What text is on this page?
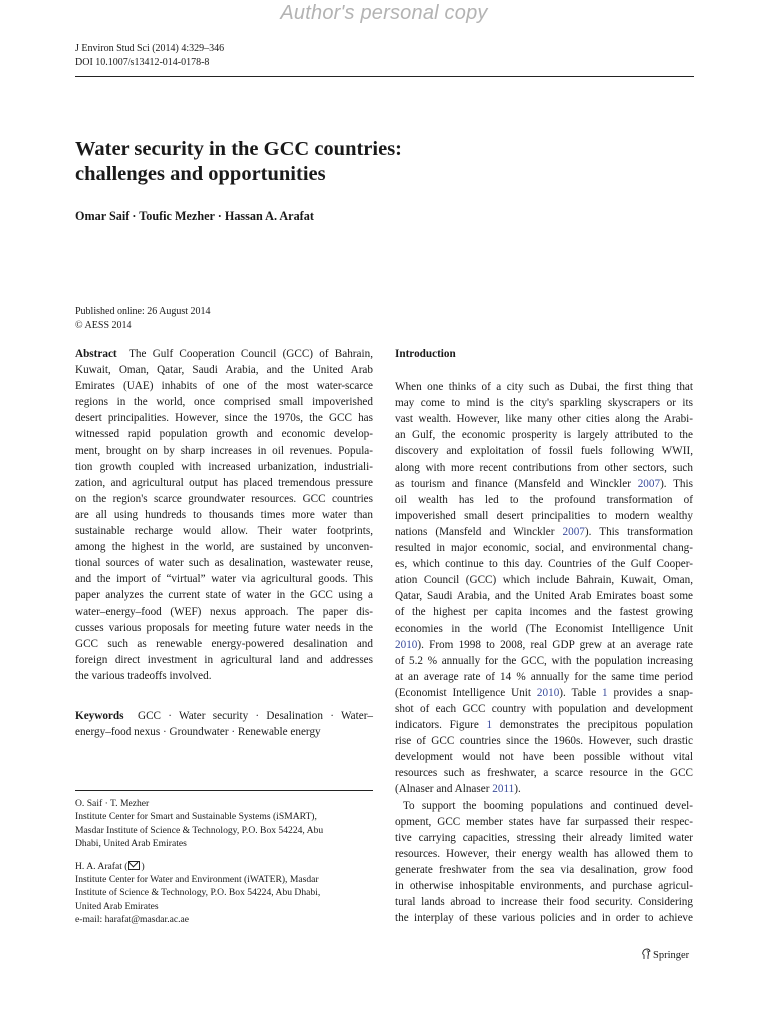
Author's personal copy
J Environ Stud Sci (2014) 4:329–346
DOI 10.1007/s13412-014-0178-8
Water security in the GCC countries:
challenges and opportunities
Omar Saif · Toufic Mezher · Hassan A. Arafat
Published online: 26 August 2014
© AESS 2014
Abstract The Gulf Cooperation Council (GCC) of Bahrain,
Kuwait, Oman, Qatar, Saudi Arabia, and the United Arab
Emirates (UAE) inhabits of one of the most water-scarce
regions in the world, once comprised small impoverished
desert principalities. However, since the 1970s, the GCC has
witnessed rapid population growth and economic develop-
ment, brought on by sharp increases in oil revenues. Popula-
tion growth coupled with increased urbanization, industriali-
zation, and agricultural output has placed tremendous pressure
on the region's scarce groundwater resources. GCC countries
are all using hundreds to thousands times more water than
sustainable recharge would allow. Their water footprints,
among the highest in the world, are sustained by unconven-
tional sources of water such as desalination, wastewater reuse,
and the import of “virtual” water via agricultural goods. This
paper analyzes the current state of water in the GCC using a
water–energy–food (WEF) nexus approach. The paper dis-
cusses various proposals for meeting future water needs in the
GCC such as renewable energy-powered desalination and
foreign direct investment in agricultural land and addresses
the various tradeoffs involved.
Keywords GCC · Water security · Desalination · Water–
energy–food nexus · Groundwater · Renewable energy
O. Saif · T. Mezher
Institute Center for Smart and Sustainable Systems (iSMART),
Masdar Institute of Science & Technology, P.O. Box 54224, Abu
Dhabi, United Arab Emirates
H. A. Arafat ( )
Institute Center for Water and Environment (iWATER), Masdar
Institute of Science & Technology, P.O. Box 54224, Abu Dhabi,
United Arab Emirates
e-mail: harafat@masdar.ac.ae
Introduction
When one thinks of a city such as Dubai, the first thing that
may come to mind is the city's sparkling skyscrapers or its
vast wealth. However, like many other cities along the Arabi-
an Gulf, the economic prosperity is largely attributed to the
discovery and exploitation of fossil fuels following WWII,
along with more recent contributions from other sectors, such
as tourism and finance (Mansfeld and Winckler 2007). This
oil wealth has led to the profound transformation of
impoverished small desert principalities to modern wealthy
nations (Mansfeld and Winckler 2007). This transformation
resulted in major economic, social, and environmental chang-
es, which continue to this day. Countries of the Gulf Cooper-
ation Council (GCC) which include Bahrain, Kuwait, Oman,
Qatar, Saudi Arabia, and the United Arab Emirates boast some
of the highest per capita incomes and the fastest growing
economies in the world (The Economist Intelligence Unit
2010). From 1998 to 2008, real GDP grew at an average rate
of 5.2 % annually for the GCC, with the population increasing
at an average rate of 14 % annually for the same time period
(Economist Intelligence Unit 2010). Table 1 provides a snap-
shot of each GCC country with population and development
indicators. Figure 1 demonstrates the precipitous population
rise of GCC countries since the 1960s. However, such drastic
development would not have been possible without vital
resources such as freshwater, a scarce resource in the GCC
(Alnaser and Alnaser 2011).
To support the booming populations and continued devel-
opment, GCC member states have far surpassed their respec-
tive carrying capacities, stressing their already limited water
resources. However, their energy wealth has allowed them to
generate freshwater from the sea via desalination, grow food
in otherwise inhospitable environments, and purchase agricul-
tural lands abroad to increase their food security. Considering
the interplay of these various policies and in order to achieve
Springer
